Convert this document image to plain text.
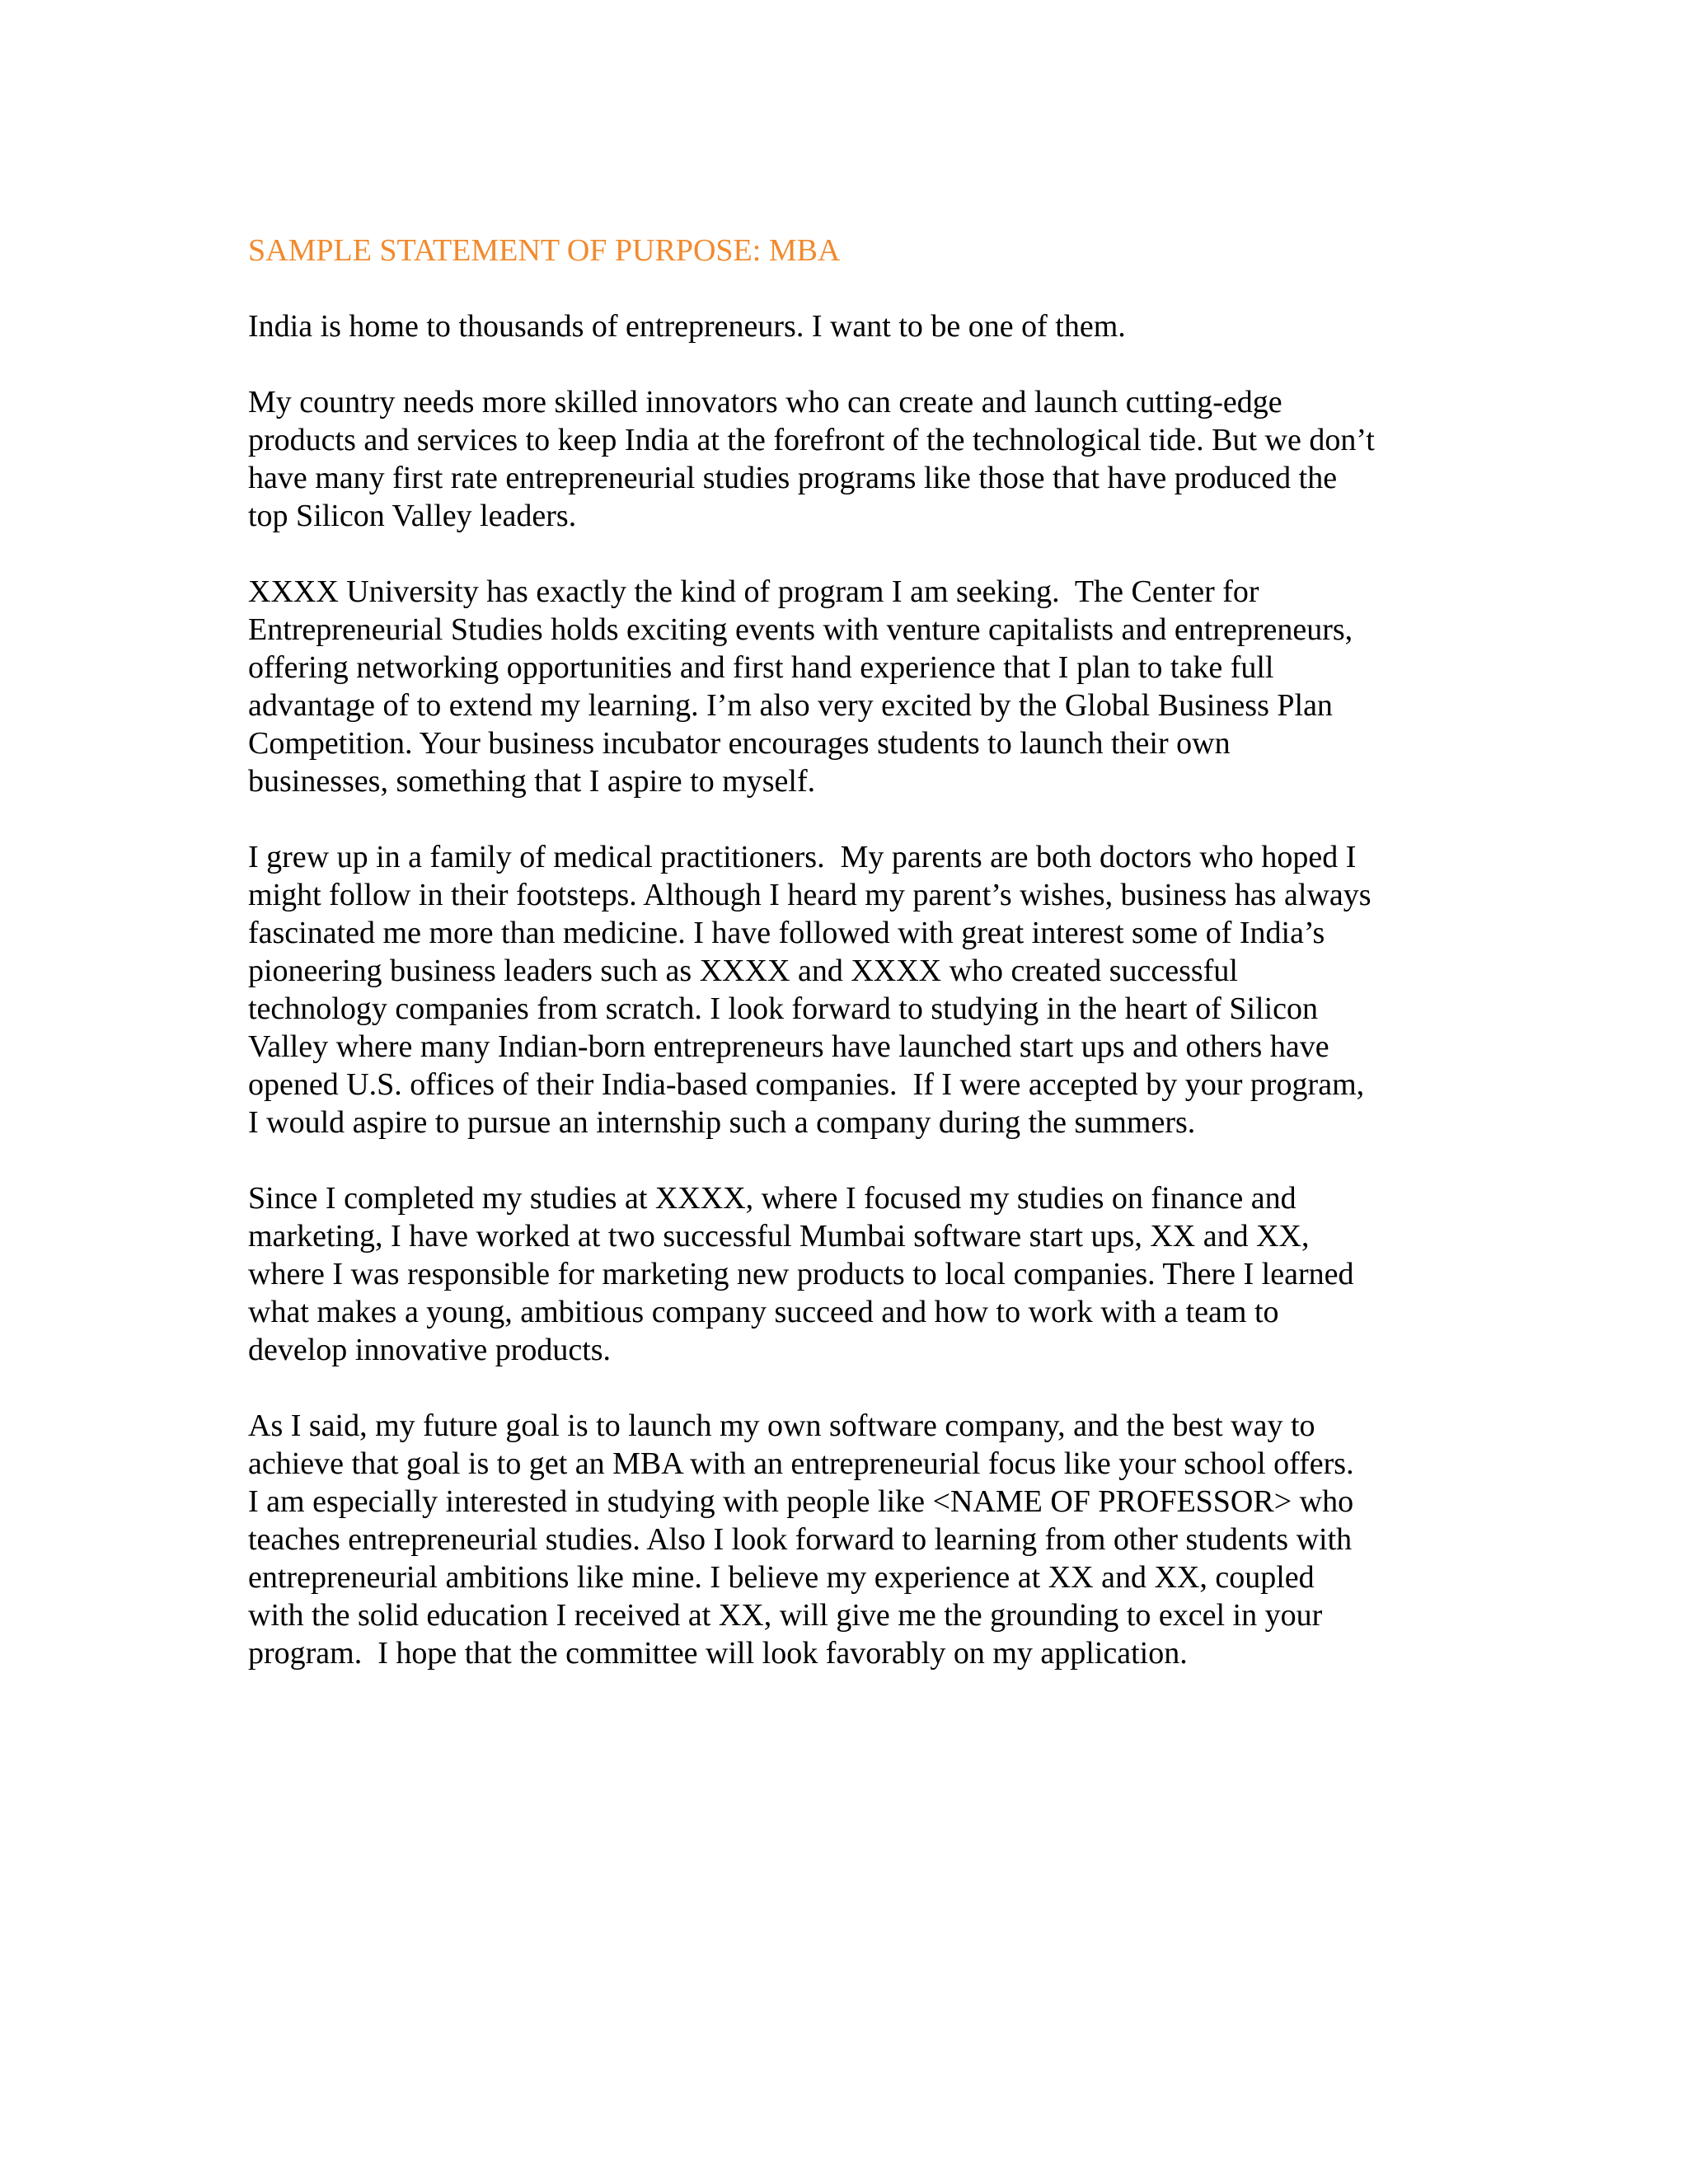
SAMPLE STATEMENT OF PURPOSE: MBA
India is home to thousands of entrepreneurs. I want to be one of them.
My country needs more skilled innovators who can create and launch cutting-edge
products and services to keep India at the forefront of the technological tide. But we don’t
have many first rate entrepreneurial studies programs like those that have produced the
top Silicon Valley leaders.
XXXX University has exactly the kind of program I am seeking.  The Center for
Entrepreneurial Studies holds exciting events with venture capitalists and entrepreneurs,
offering networking opportunities and first hand experience that I plan to take full
advantage of to extend my learning. I’m also very excited by the Global Business Plan
Competition. Your business incubator encourages students to launch their own
businesses, something that I aspire to myself.
I grew up in a family of medical practitioners.  My parents are both doctors who hoped I
might follow in their footsteps. Although I heard my parent’s wishes, business has always
fascinated me more than medicine. I have followed with great interest some of India’s
pioneering business leaders such as XXXX and XXXX who created successful
technology companies from scratch. I look forward to studying in the heart of Silicon
Valley where many Indian-born entrepreneurs have launched start ups and others have
opened U.S. offices of their India-based companies.  If I were accepted by your program,
I would aspire to pursue an internship such a company during the summers.
Since I completed my studies at XXXX, where I focused my studies on finance and
marketing, I have worked at two successful Mumbai software start ups, XX and XX,
where I was responsible for marketing new products to local companies. There I learned
what makes a young, ambitious company succeed and how to work with a team to
develop innovative products.
As I said, my future goal is to launch my own software company, and the best way to
achieve that goal is to get an MBA with an entrepreneurial focus like your school offers.
I am especially interested in studying with people like <NAME OF PROFESSOR> who
teaches entrepreneurial studies. Also I look forward to learning from other students with
entrepreneurial ambitions like mine. I believe my experience at XX and XX, coupled
with the solid education I received at XX, will give me the grounding to excel in your
program.  I hope that the committee will look favorably on my application.
